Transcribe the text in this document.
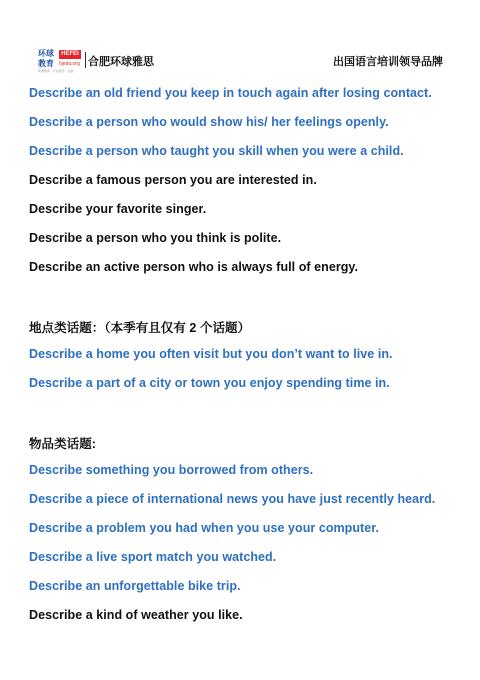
环球
教育
HEFEI
hjedu.org
环球教育 · 专业留学 · 出国
合肥环球雅思	出国语言培训领导品牌
Describe an old friend you keep in touch again after losing contact.
Describe a person who would show his/ her feelings openly.
Describe a person who taught you skill when you were a child.
Describe a famous person you are interested in.
Describe your favorite singer.
Describe a person who you think is polite.
Describe an active person who is always full of energy.
地点类话题：（本季有且仅有 2 个话题）
Describe a home you often visit but you don’t want to live in.
Describe a part of a city or town you enjoy spending time in.
物品类话题:
Describe something you borrowed from others.
Describe a piece of international news you have just recently heard.
Describe a problem you had when you use your computer.
Describe a live sport match you watched.
Describe an unforgettable bike trip.
Describe a kind of weather you like.
